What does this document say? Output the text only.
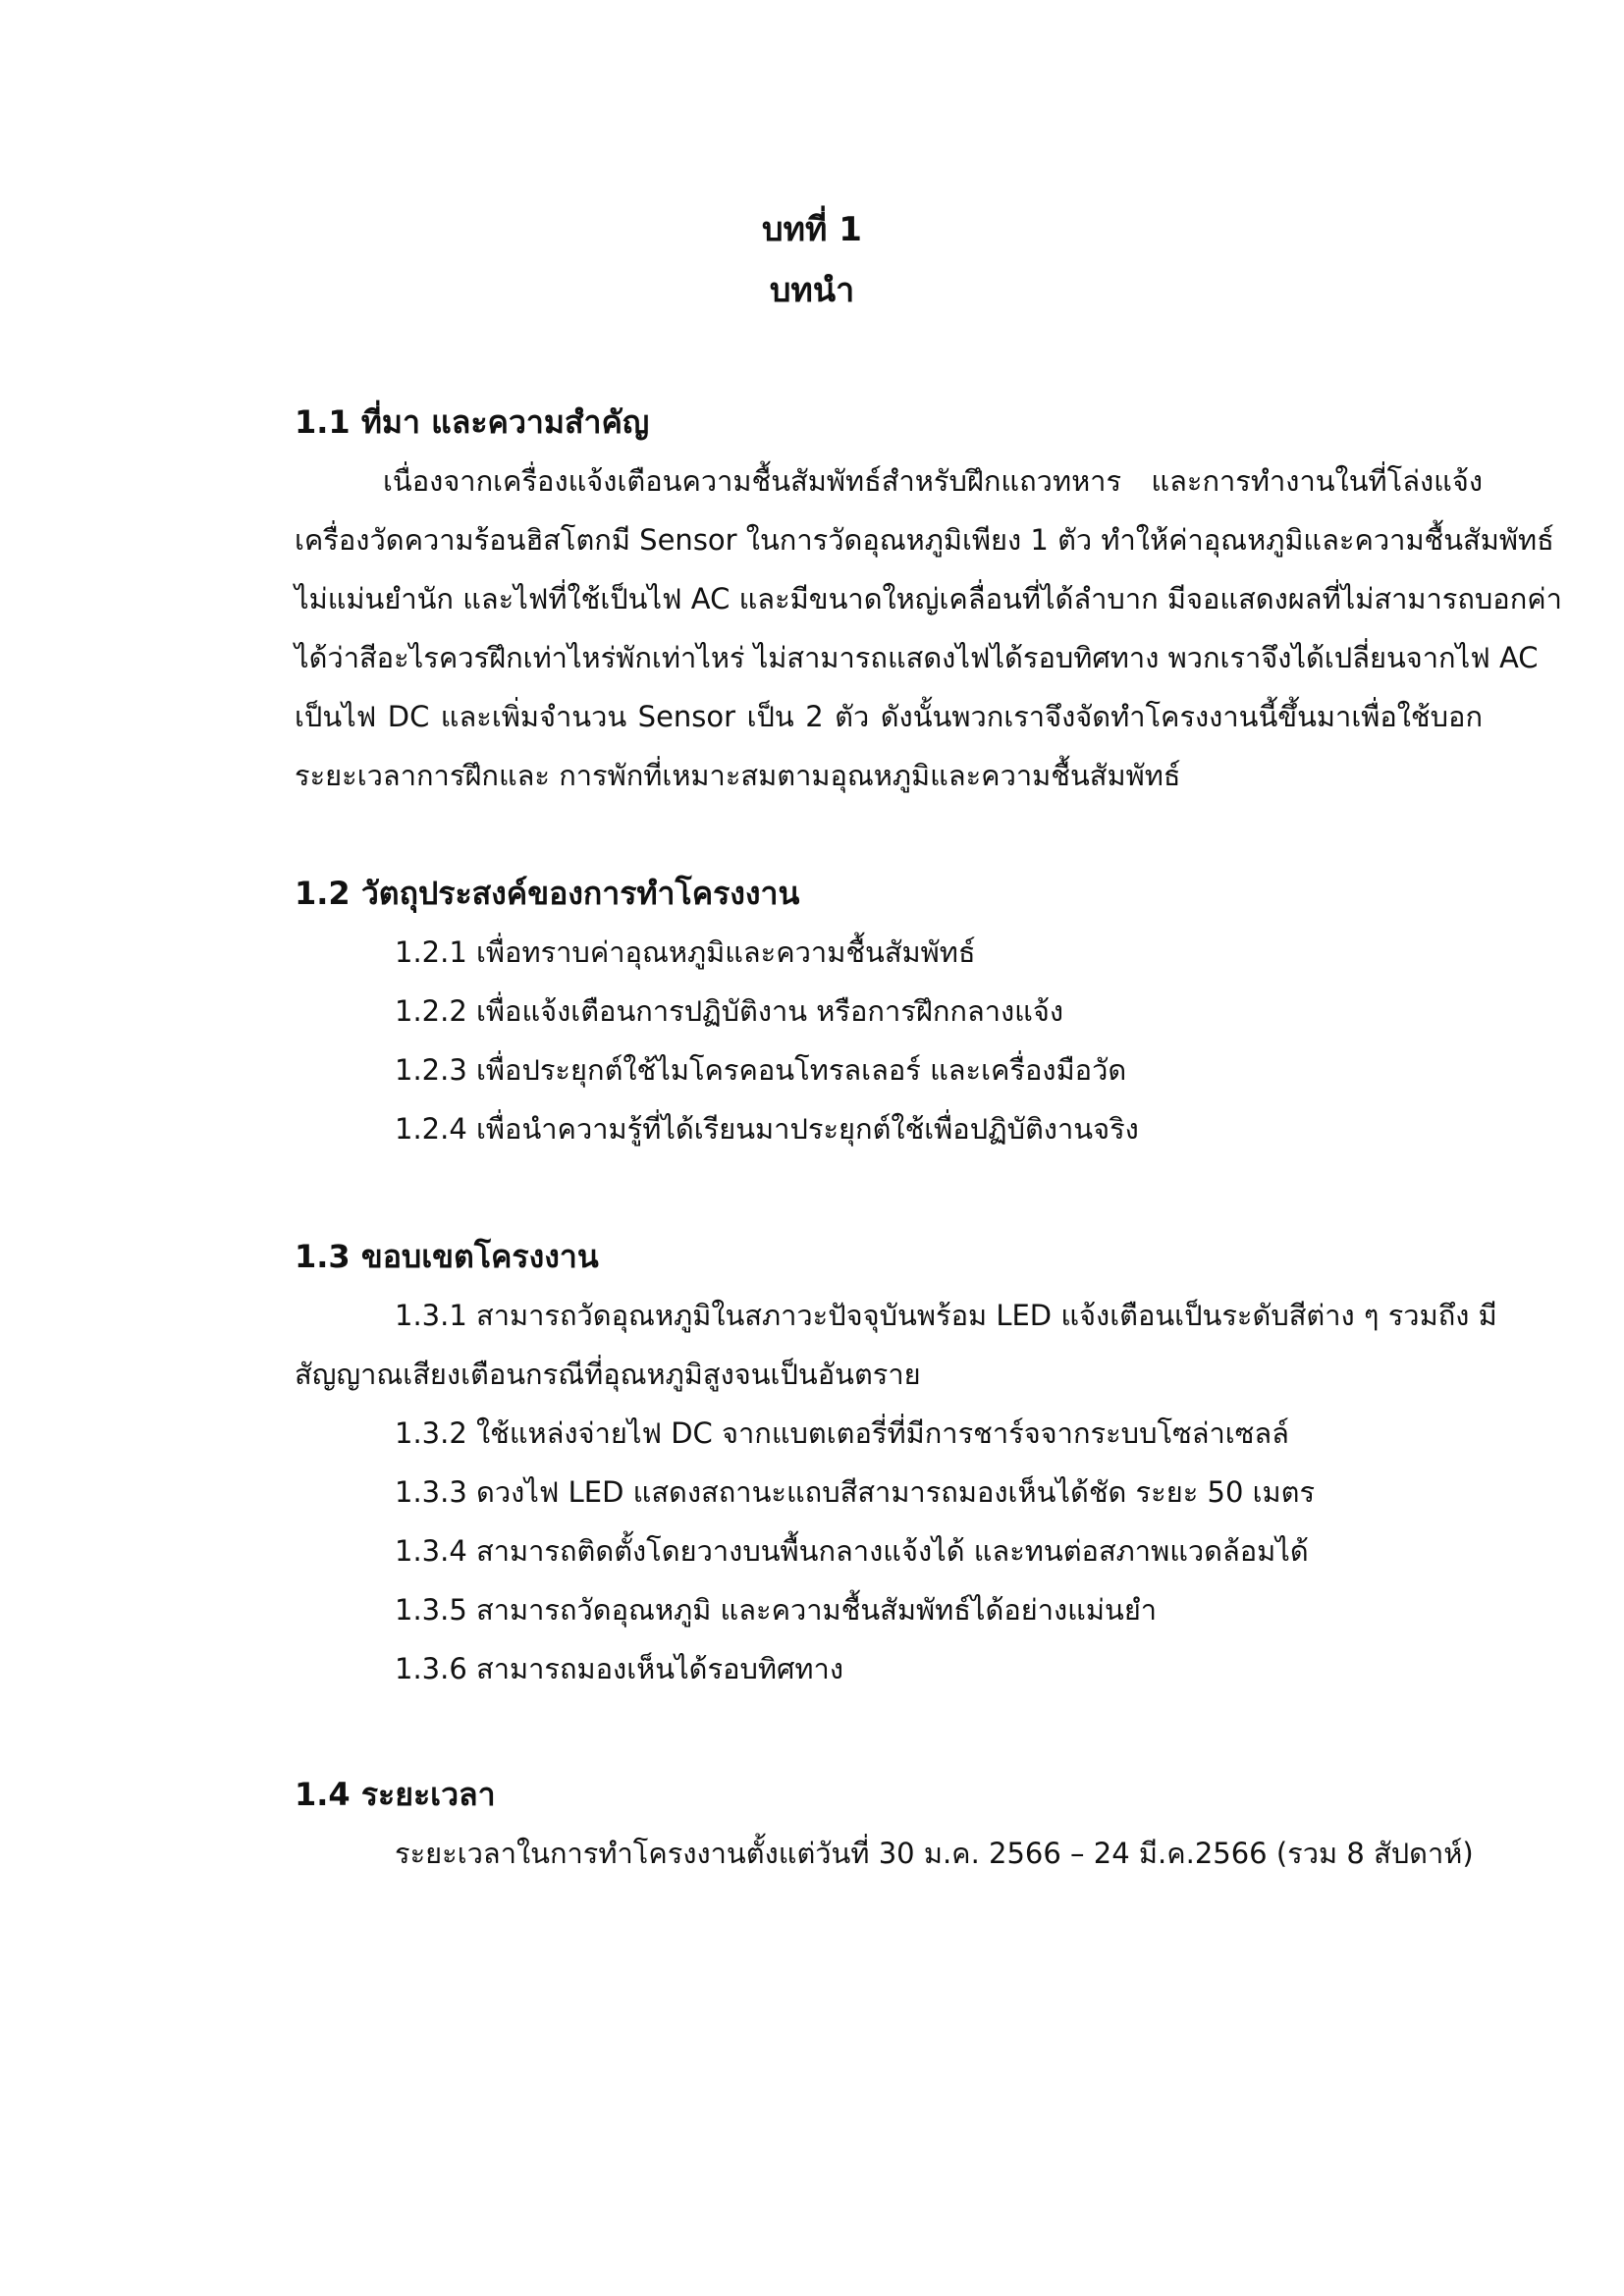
บทที่ 1
บทนำ
1.1 ที่มา และความสำคัญ
เนื่องจากเครื่องแจ้งเตือนความชื้นสัมพัทธ์สำหรับฝึกแถวทหาร และการทำงานในที่โล่งแจ้ง
เครื่องวัดความร้อนฮิสโตกมี Sensor ในการวัดอุณหภูมิเพียง 1 ตัว ทำให้ค่าอุณหภูมิและความชื้นสัมพัทธ์
ไม่แม่นยำนัก และไฟที่ใช้เป็นไฟ AC และมีขนาดใหญ่เคลื่อนที่ได้ลำบาก มีจอแสดงผลที่ไม่สามารถบอกค่า
ได้ว่าสีอะไรควรฝึกเท่าไหร่พักเท่าไหร่ ไม่สามารถแสดงไฟได้รอบทิศทาง พวกเราจึงได้เปลี่ยนจากไฟ AC
เป็นไฟ DC และเพิ่มจำนวน Sensor เป็น 2 ตัว ดังนั้นพวกเราจึงจัดทำโครงงานนี้ขึ้นมาเพื่อใช้บอก
ระยะเวลาการฝึกและ การพักที่เหมาะสมตามอุณหภูมิและความชื้นสัมพัทธ์
1.2 วัตถุประสงค์ของการทำโครงงาน
1.2.1 เพื่อทราบค่าอุณหภูมิและความชื้นสัมพัทธ์
1.2.2 เพื่อแจ้งเตือนการปฏิบัติงาน หรือการฝึกกลางแจ้ง
1.2.3 เพื่อประยุกต์ใช้ไมโครคอนโทรลเลอร์ และเครื่องมือวัด
1.2.4 เพื่อนำความรู้ที่ได้เรียนมาประยุกต์ใช้เพื่อปฏิบัติงานจริง
1.3 ขอบเขตโครงงาน
1.3.1 สามารถวัดอุณหภูมิในสภาวะปัจจุบันพร้อม LED แจ้งเตือนเป็นระดับสีต่าง ๆ รวมถึง มี
สัญญาณเสียงเตือนกรณีที่อุณหภูมิสูงจนเป็นอันตราย
1.3.2 ใช้แหล่งจ่ายไฟ DC จากแบตเตอรี่ที่มีการชาร์จจากระบบโซล่าเซลล์
1.3.3 ดวงไฟ LED แสดงสถานะแถบสีสามารถมองเห็นได้ชัด ระยะ 50 เมตร
1.3.4 สามารถติดตั้งโดยวางบนพื้นกลางแจ้งได้ และทนต่อสภาพแวดล้อมได้
1.3.5 สามารถวัดอุณหภูมิ และความชื้นสัมพัทธ์ได้อย่างแม่นยำ
1.3.6 สามารถมองเห็นได้รอบทิศทาง
1.4 ระยะเวลา
ระยะเวลาในการทำโครงงานตั้งแต่วันที่ 30 ม.ค. 2566 – 24 มี.ค.2566 (รวม 8 สัปดาห์)
